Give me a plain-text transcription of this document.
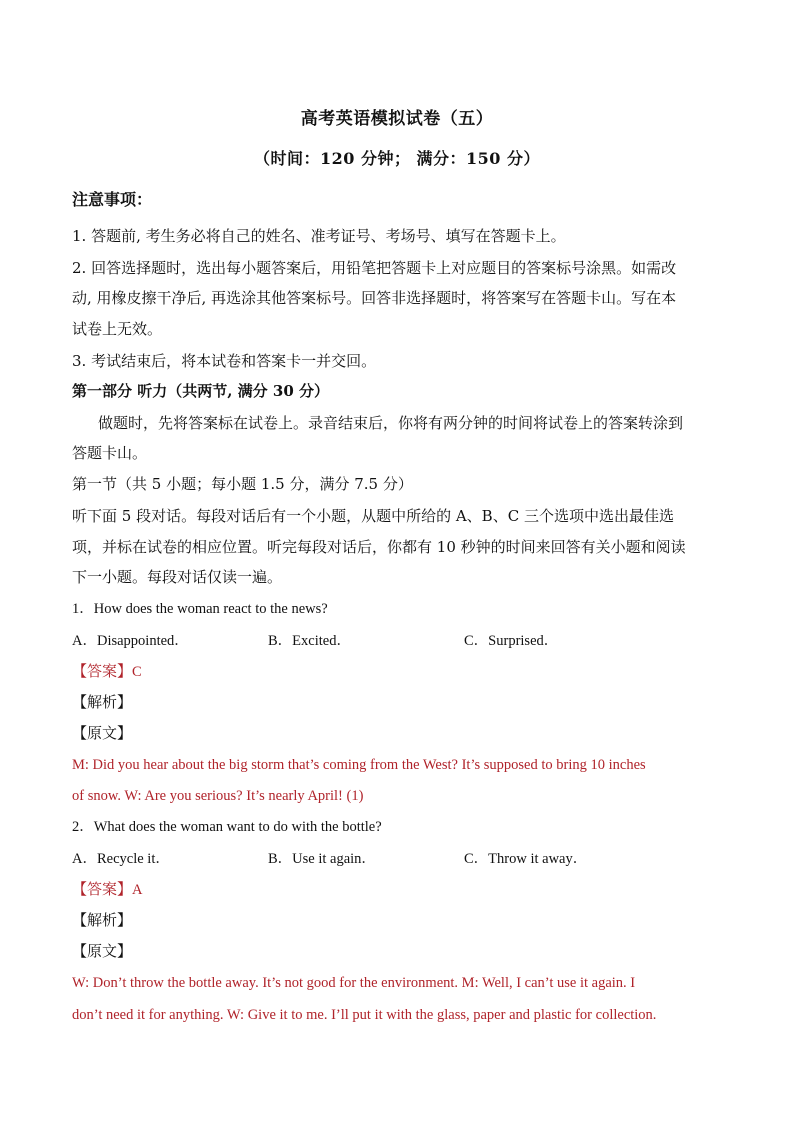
高考英语模拟试卷（五）
（时间：120 分钟； 满分：150 分）
注意事项：
1. 答题前, 考生务必将自己的姓名、准考证号、考场号、填写在答题卡上。
2. 回答选择题时，选出每小题答案后，用铅笔把答题卡上对应题目的答案标号涂黑。如需改
动, 用橡皮擦干净后, 再选涂其他答案标号。回答非选择题时，将答案写在答题卡山。写在本
试卷上无效。
3. 考试结束后，将本试卷和答案卡一并交回。
第一部分 听力（共两节, 满分 30 分）
做题时，先将答案标在试卷上。录音结束后，你将有两分钟的时间将试卷上的答案转涂到
答题卡山。
第一节（共 5 小题；每小题 1.5 分，满分 7.5 分）
听下面 5 段对话。每段对话后有一个小题，从题中所给的 A、B、C 三个选项中选出最佳选
项，并标在试卷的相应位置。听完每段对话后，你都有 10 秒钟的时间来回答有关小题和阅读
下一小题。每段对话仅读一遍。
1．How does the woman react to the news?
A．Disappointed．	B．Excited．	C．Surprised．
【答案】C
【解析】
【原文】
M: Did you hear about the big storm that’s coming from the West? It’s supposed to bring 10 inches
of snow. W: Are you serious? It’s nearly April! (1)
2．What does the woman want to do with the bottle?
A．Recycle it．	B．Use it again．	C．Throw it away．
【答案】A
【解析】
【原文】
W: Don’t throw the bottle away. It’s not good for the environment. M: Well, I can’t use it again. I
don’t need it for anything. W: Give it to me. I’ll put it with the glass, paper and plastic for collection.
